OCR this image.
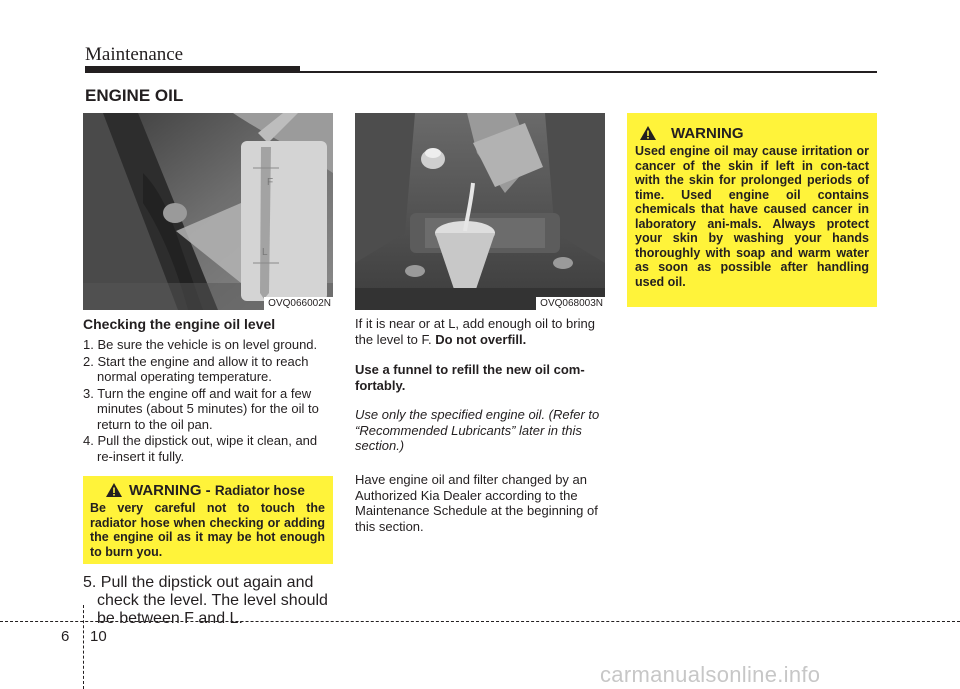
Maintenance
ENGINE OIL
F
L
OVQ066002N	OVQ068003N
Checking the engine oil level
1. Be sure the vehicle is on level ground.
2. Start the engine and allow it to reach normal operating temperature.
3. Turn the engine off and wait for a few minutes (about 5 minutes) for the oil to return to the oil pan.
4. Pull the dipstick out, wipe it clean, and re-insert it fully.
WARNING - Radiator hose
Be very careful not to touch the radiator hose when checking or adding the engine oil as it may be hot enough to burn you.
5. Pull the dipstick out again and check the level. The level should be between F and L.

If it is near or at L, add enough oil to bring the level to F. Do not overfill.

Use a funnel to refill the new oil com-fortably.

Use only the specified engine oil. (Refer to “Recommended Lubricants” later in this section.)

Have engine oil and filter changed by an Authorized Kia Dealer according to the Maintenance Schedule at the beginning of this section.

WARNING
Used engine oil may cause irritation or cancer of the skin if left in con-tact with the skin for prolonged periods of time. Used engine oil contains chemicals that have caused cancer in laboratory ani-mals. Always protect your skin by washing your hands thoroughly with soap and warm water as soon as possible after handling used oil.
6 10
carmanualsonline.info
